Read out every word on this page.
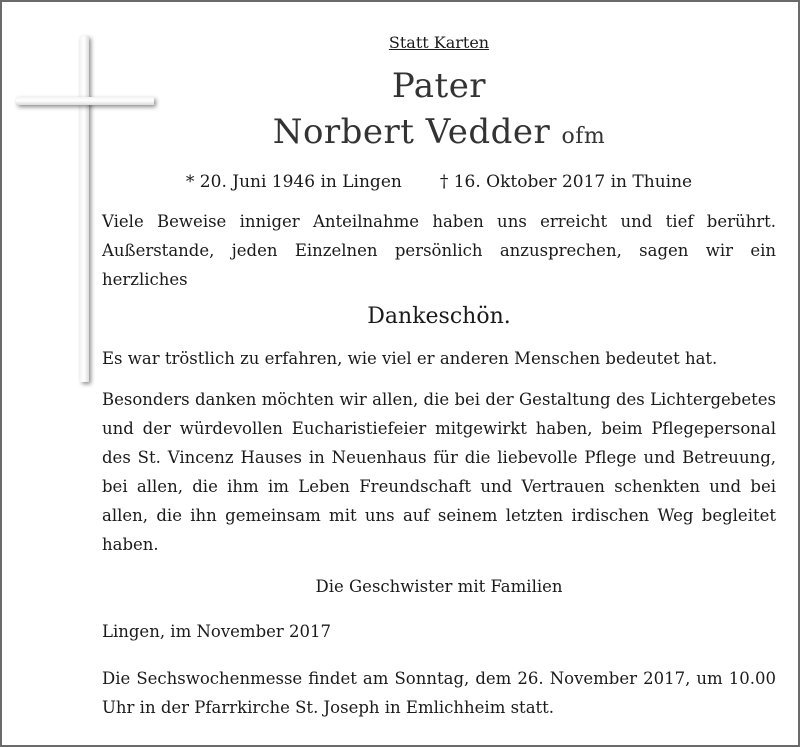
Statt Karten
Pater
Norbert Vedder ofm
* 20. Juni 1946 in Lingen † 16. Oktober 2017 in Thuine
Viele Beweise inniger Anteilnahme haben uns erreicht und tief berührt. Außerstande, jeden Einzelnen persönlich anzusprechen, sagen wir ein herzliches
Dankeschön.
Es war tröstlich zu erfahren, wie viel er anderen Menschen bedeutet hat.
Besonders danken möchten wir allen, die bei der Gestaltung des Lichtergebetes und der würdevollen Eucharistiefeier mitgewirkt haben, beim Pflegepersonal des St. Vincenz Hauses in Neuenhaus für die liebevolle Pflege und Betreuung, bei allen, die ihm im Leben Freundschaft und Vertrauen schenkten und bei allen, die ihn gemeinsam mit uns auf seinem letzten irdischen Weg begleitet haben.
Die Geschwister mit Familien
Lingen, im November 2017
Die Sechswochenmesse findet am Sonntag, dem 26. November 2017, um 10.00 Uhr in der Pfarrkirche St. Joseph in Emlichheim statt.
